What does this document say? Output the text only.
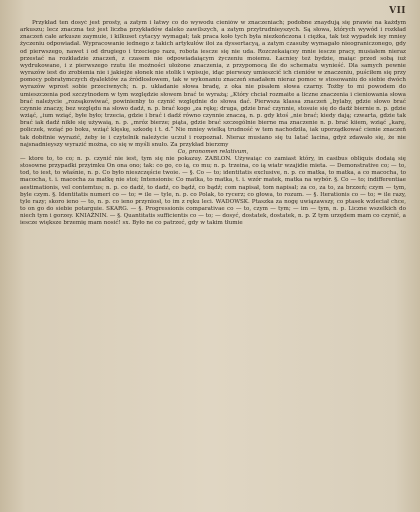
VII

Przykład ten dosyć jest prosty, a zatym i łatwy co do wywodu cieniów w znaczeniach; podobne znaydują się prawie na każdym arkuszu; lecz znaczna też jest liczba przykładów daleko zawilszych, a zatym przytrudnieyszych. Są słowa, których wywód i rozkład znaczeń całe arkusze zaymuie, i kilkuset cytacyy wymagał; tak praca koło tych była niezkończona i ciężka, tak też wypadek iey mniey życzeniu odpowiadał. Wypracowanie iednego z takich artykułów iłoi za dyssertacyą, a zatym czasuby wymagało nieograniczonego, gdy od pierwszego, nawet i od drugiego i trzeciego razu, robota iescze się nie uda. Rozczekaiącey mnie iescze pracy, musiałem nieraz przestać na rozkładzie znaczeń, z czasem nie odpowiadaiącym życzeniu moiemu. Łacniey też bydzie, maiąc przed sobą iuż wydrukowane, i z pierwszego rzutu ile możności ułożone znaczenia, z przypomocą ile do schematu wynieść. Dla samych pewnie wyrazów iest do zrobienia nie i jakiejże słonek nie stolik i wpisuje, idąc pierwszy umieszcić ich cieniów w znaczeniu, puściłem się przy pomocy pobratymczych dyalektów za źródłosłowem, tak w wykonaniu znaczeń snadałem nieraz pomoc w stosowaniu do siebie dwóch wyrazów wprost sobie przeciwnych; n. p. układanie słowa bradę, z oka nie pisałem słowa czarny. Tożby to mi powodem do umieszczenia pod szczytnodem w tym względzie słowem brać te wyrażą; „Który chciał rozmaite a liczne znaczenia i cieniowania słowa brać należycie „rozsąkowiwać, powinienby to czynić względnie do słowa dać. Pierwsza klassa znaczeń „bylaby, gdzie słowo brać czynnie znaczy, bez względu na słowo dadź, n. p. brać kogo „za rękę; druga, gdzie brać czynnie, stosuie się do dadź biernie n. p. gdzie wziąć, „ium wziąć, byłe było; trzecia, gdzie i brać i dadź równo czynnie znaczą, n. p. gdy ktoś „nie brać; kiedy dają; czwarta, gdzie tak brać iak dadź nikłe się używaią, n. p. „mróz bierze; piąta, gdzie brać szczególnie bierne ma znaczenie n. p. brać kiiem, wziąć „karę, policzek, wziąć po boku, wziąć klęskę, szkodę i t. d.“ Nie mniey wielką trudność w tem nachodziła, iak uporządkować cienie znaczeń tak dobitnie wyrazić, żeby ie i czytelnik należycie uczuł i rozpoznał. Nieraz musiano się tu latać lacina, gdyż zdawało się, że nie najsnadnieyszy wyrazić można, co się w myśli snuło. Za przykład bierzmy

Co, pronomen relativum,

— ktore to, to co; n. p. czynić nie iest, tym się nie pokazuy. ZABLON. Używaiąc co zamiast który, in casibus obliquis dodaią się stosowne przypadki przyimku On ona ono; tak: co go, co ią, co mu; n. p. trzeina, co ią wiatr wzajidie mieta. — Demonstrative co; — to, tod, to iest, to właśnie, n. p. Co było nieszczęście twoie. — §. Co — to; identitatis exclusive, n. p. co matka, to matka, a co macocha, to macocha, t. i. macocha za matkę nie stoi; Intensionis: Co matka, to matka, t. i. wzór matek, matka na wybór. §. Co — to; indifferentiae aestimationis, vel contemtus; n. p. co dadź, to dadź, co bądź, co bądź; com napisał, tom napisał; za co, za to, za brzzeń; czym — tym, byle czym. §. Identitatis numeri co — to; = ile — tyle, n. p. co Polak, to rycerz; co głowa, to rozum. — §. Iterationis co — to; = ile razy, tyle razy; skoro ieno — to, n. p. co ieno przyniosł, to im z ręku leci. WADOWSK. Ptaszka za nogę uwiązawszy, co ptasek wzleciał chce, to on go do siebie potarguie. SKARG. — §. Progressionis comparativae co — to, czym — tym; — im — tym, n. p. Liczne wszelkich do niech tym i gorzey. KNIAŹNIN. — §. Quantitatis sufficientis co — to; — dosyć, dostatek, dostatek, n. p. Z tym urzędem mam co czynić, a iescze większe brzemię mam nosić! sx. Było ne co patrzeć, gdy w takim tłumie
